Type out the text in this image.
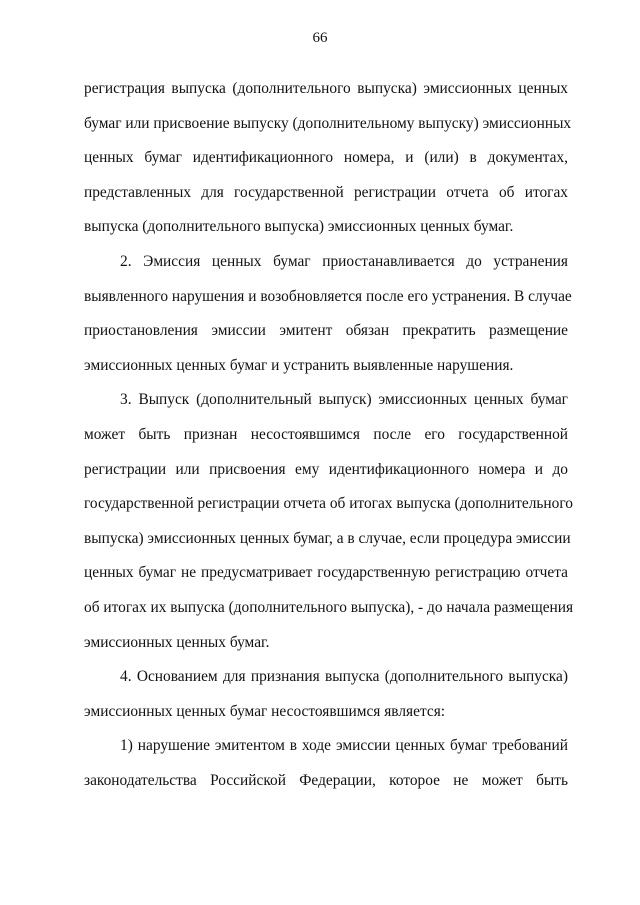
66
регистрация выпуска (дополнительного выпуска) эмиссионных ценных
бумаг или присвоение выпуску (дополнительному выпуску) эмиссионных
ценных бумаг идентификационного номера, и (или) в документах,
представленных для государственной регистрации отчета об итогах
выпуска (дополнительного выпуска) эмиссионных ценных бумаг.
2. Эмиссия ценных бумаг приостанавливается до устранения
выявленного нарушения и возобновляется после его устранения. В случае
приостановления эмиссии эмитент обязан прекратить размещение
эмиссионных ценных бумаг и устранить выявленные нарушения.
3. Выпуск (дополнительный выпуск) эмиссионных ценных бумаг
может быть признан несостоявшимся после его государственной
регистрации или присвоения ему идентификационного номера и до
государственной регистрации отчета об итогах выпуска (дополнительного
выпуска) эмиссионных ценных бумаг, а в случае, если процедура эмиссии
ценных бумаг не предусматривает государственную регистрацию отчета
об итогах их выпуска (дополнительного выпуска), - до начала размещения
эмиссионных ценных бумаг.
4. Основанием для признания выпуска (дополнительного выпуска)
эмиссионных ценных бумаг несостоявшимся является:
1) нарушение эмитентом в ходе эмиссии ценных бумаг требований
законодательства Российской Федерации, которое не может быть
